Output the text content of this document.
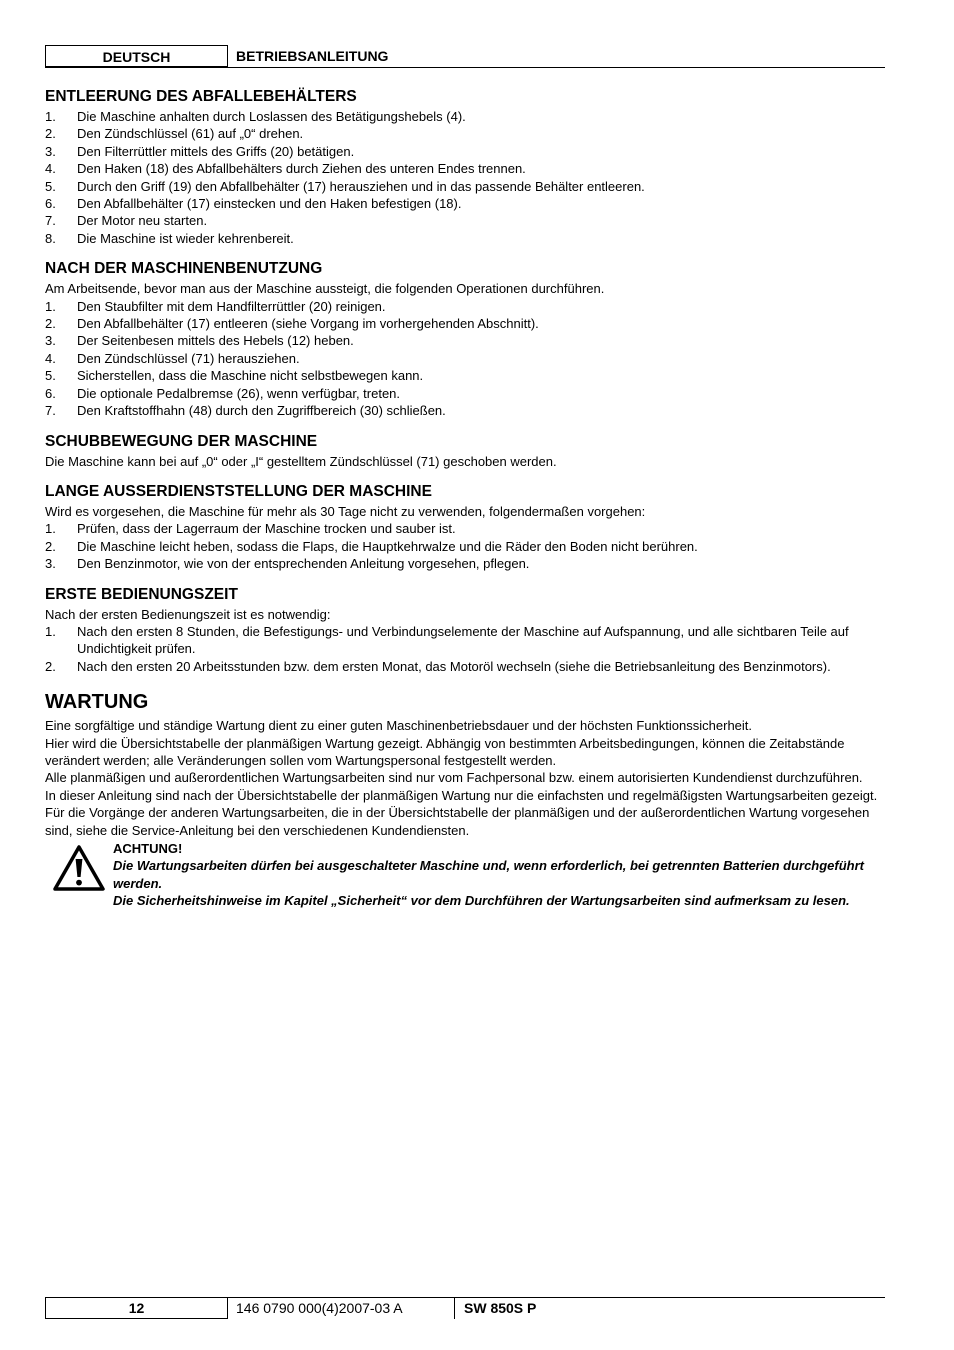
DEUTSCH	BETRIEBSANLEITUNG
ENTLEERUNG DES ABFALLEBEHÄLTERS
1. Die Maschine anhalten durch Loslassen des Betätigungshebels (4).
2. Den Zündschlüssel (61) auf „0“ drehen.
3. Den Filterrüttler mittels des Griffs (20) betätigen.
4. Den Haken (18) des Abfallbehälters durch Ziehen des unteren Endes trennen.
5. Durch den Griff (19) den Abfallbehälter (17) herausziehen und in das passende Behälter entleeren.
6. Den Abfallbehälter (17) einstecken und den Haken befestigen (18).
7. Der Motor neu starten.
8. Die Maschine ist wieder kehrenbereit.
NACH DER MASCHINENBENUTZUNG

Am Arbeitsende, bevor man aus der Maschine aussteigt, die folgenden Operationen durchführen.

1. Den Staubfilter mit dem Handfilterrüttler (20) reinigen.
2. Den Abfallbehälter (17) entleeren (siehe Vorgang im vorhergehenden Abschnitt).
3. Der Seitenbesen mittels des Hebels (12) heben.
4. Den Zündschlüssel (71) herausziehen.
5. Sicherstellen, dass die Maschine nicht selbstbewegen kann.
6. Die optionale Pedalbremse (26), wenn verfügbar, treten.
7. Den Kraftstoffhahn (48) durch den Zugriffbereich (30) schließen.
SCHUBBEWEGUNG DER MASCHINE

Die Maschine kann bei auf „0“ oder „I“ gestelltem Zündschlüssel (71) geschoben werden.

LANGE AUSSERDIENSTSTELLUNG DER MASCHINE

Wird es vorgesehen, die Maschine für mehr als 30 Tage nicht zu verwenden, folgendermaßen vorgehen:

1. Prüfen, dass der Lagerraum der Maschine trocken und sauber ist.
2. Die Maschine leicht heben, sodass die Flaps, die Hauptkehrwalze und die Räder den Boden nicht berühren.
3. Den Benzinmotor, wie von der entsprechenden Anleitung vorgesehen, pflegen.
ERSTE BEDIENUNGSZEIT

Nach der ersten Bedienungszeit ist es notwendig:

1. Nach den ersten 8 Stunden, die Befestigungs- und Verbindungselemente der Maschine auf Aufspannung, und alle sichtbaren Teile auf Undichtigkeit prüfen.
2. Nach den ersten 20 Arbeitsstunden bzw. dem ersten Monat, das Motoröl wechseln (siehe die Betriebsanleitung des Benzinmotors).
WARTUNG

Eine sorgfältige und ständige Wartung dient zu einer guten Maschinenbetriebsdauer und der höchsten Funktionssicherheit.

Hier wird die Übersichtstabelle der planmäßigen Wartung gezeigt. Abhängig von bestimmten Arbeitsbedingungen, können die Zeitabstände verändert werden; alle Veränderungen sollen vom Wartungspersonal festgestellt werden.

Alle planmäßigen und außerordentlichen Wartungsarbeiten sind nur vom Fachpersonal bzw. einem autorisierten Kundendienst durchzuführen.

In dieser Anleitung sind nach der Übersichtstabelle der planmäßigen Wartung nur die einfachsten und regelmäßigsten Wartungsarbeiten gezeigt.

Für die Vorgänge der anderen Wartungsarbeiten, die in der Übersichtstabelle der planmäßigen und der außerordentlichen Wartung vorgesehen sind, siehe die Service-Anleitung bei den verschiedenen Kundendiensten.

ACHTUNG!
Die Wartungsarbeiten dürfen bei ausgeschalteter Maschine und, wenn erforderlich, bei getrennten Batterien durchgeführt werden.
Die Sicherheitshinweise im Kapitel „Sicherheit“ vor dem Durchführen der Wartungsarbeiten sind aufmerksam zu lesen.
12	146 0790 000(4)2007-03 A	SW 850S P
